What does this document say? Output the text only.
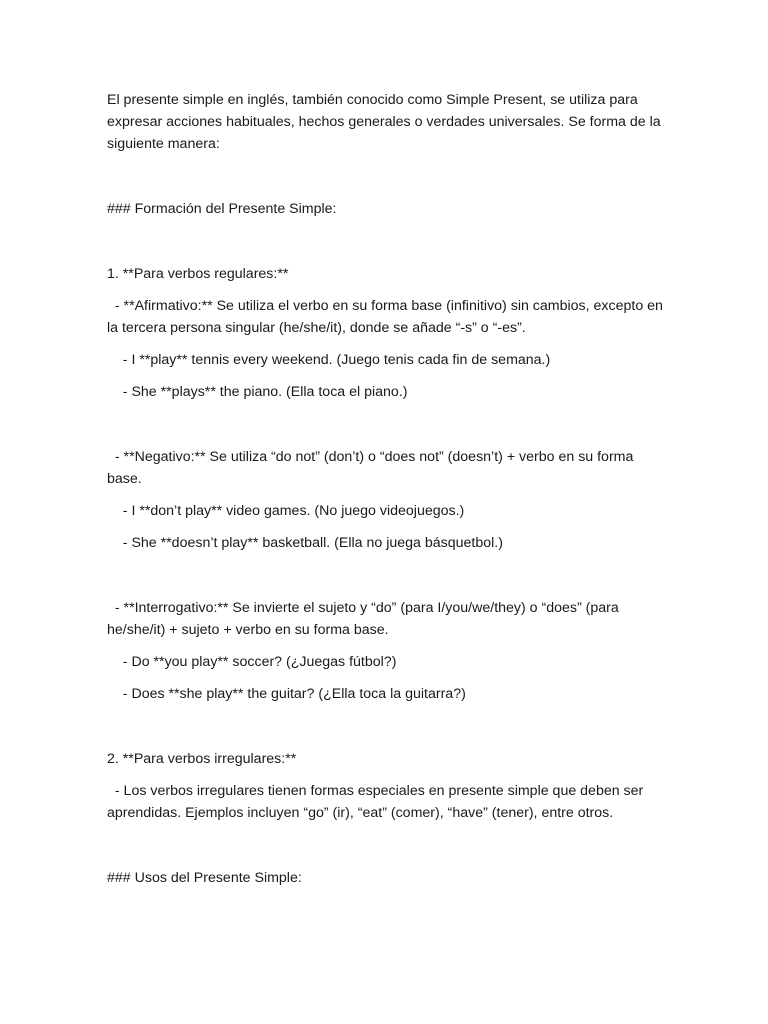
El presente simple en inglés, también conocido como Simple Present, se utiliza para expresar acciones habituales, hechos generales o verdades universales. Se forma de la siguiente manera:

### Formación del Presente Simple:

1. **Para verbos regulares:**

- **Afirmativo:** Se utiliza el verbo en su forma base (infinitivo) sin cambios, excepto en la tercera persona singular (he/she/it), donde se añade “-s” o “-es”.

- I **play** tennis every weekend. (Juego tenis cada fin de semana.)

- She **plays** the piano. (Ella toca el piano.)

- **Negativo:** Se utiliza “do not” (don’t) o “does not” (doesn’t) + verbo en su forma base.

- I **don’t play** video games. (No juego videojuegos.)

- She **doesn’t play** basketball. (Ella no juega básquetbol.)

- **Interrogativo:** Se invierte el sujeto y “do” (para I/you/we/they) o “does” (para he/she/it) + sujeto + verbo en su forma base.

- Do **you play** soccer? (¿Juegas fútbol?)

- Does **she play** the guitar? (¿Ella toca la guitarra?)

2. **Para verbos irregulares:**

- Los verbos irregulares tienen formas especiales en presente simple que deben ser aprendidas. Ejemplos incluyen “go” (ir), “eat” (comer), “have” (tener), entre otros.

### Usos del Presente Simple:
